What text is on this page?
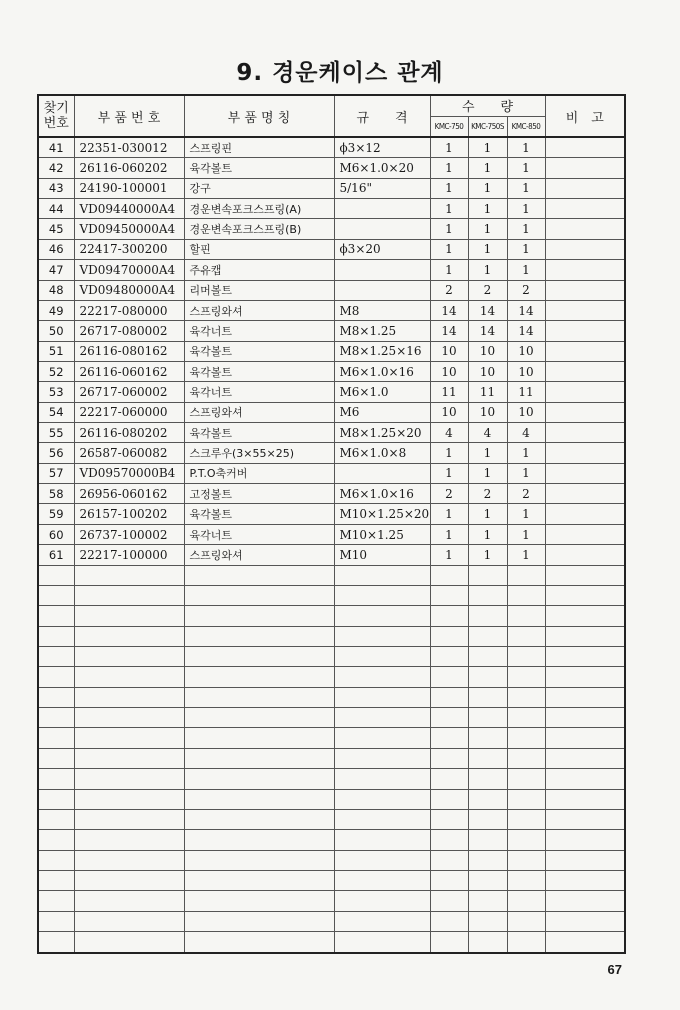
9. 경운케이스 관계
찾기
번호	부 품 번 호	부 품 명 칭	규　　격	수　　량			비　고
				KMC-750	KMC-750S	KMC-850	
41	22351-030012	스프링핀	ϕ3×12	1	1	1	
42	26116-060202	육각볼트	M6×1.0×20	1	1	1	
43	24190-100001	강구	5/16"	1	1	1	
44	VD09440000A4	경운변속포크스프링(A)		1	1	1	
45	VD09450000A4	경운변속포크스프링(B)		1	1	1	
46	22417-300200	할핀	ϕ3×20	1	1	1	
47	VD09470000A4	주유캡		1	1	1	
48	VD09480000A4	리머볼트		2	2	2	
49	22217-080000	스프링와셔	M8	14	14	14	
50	26717-080002	육각너트	M8×1.25	14	14	14	
51	26116-080162	육각볼트	M8×1.25×16	10	10	10	
52	26116-060162	육각볼트	M6×1.0×16	10	10	10	
53	26717-060002	육각너트	M6×1.0	11	11	11	
54	22217-060000	스프링와셔	M6	10	10	10	
55	26116-080202	육각볼트	M8×1.25×20	4	4	4	
56	26587-060082	스크루우(3×55×25)	M6×1.0×8	1	1	1	
57	VD09570000B4	P.T.O축커버		1	1	1	
58	26956-060162	고정볼트	M6×1.0×16	2	2	2	
59	26157-100202	육각볼트	M10×1.25×20	1	1	1	
60	26737-100002	육각너트	M10×1.25	1	1	1	
61	22217-100000	스프링와셔	M10	1	1	1	

67
